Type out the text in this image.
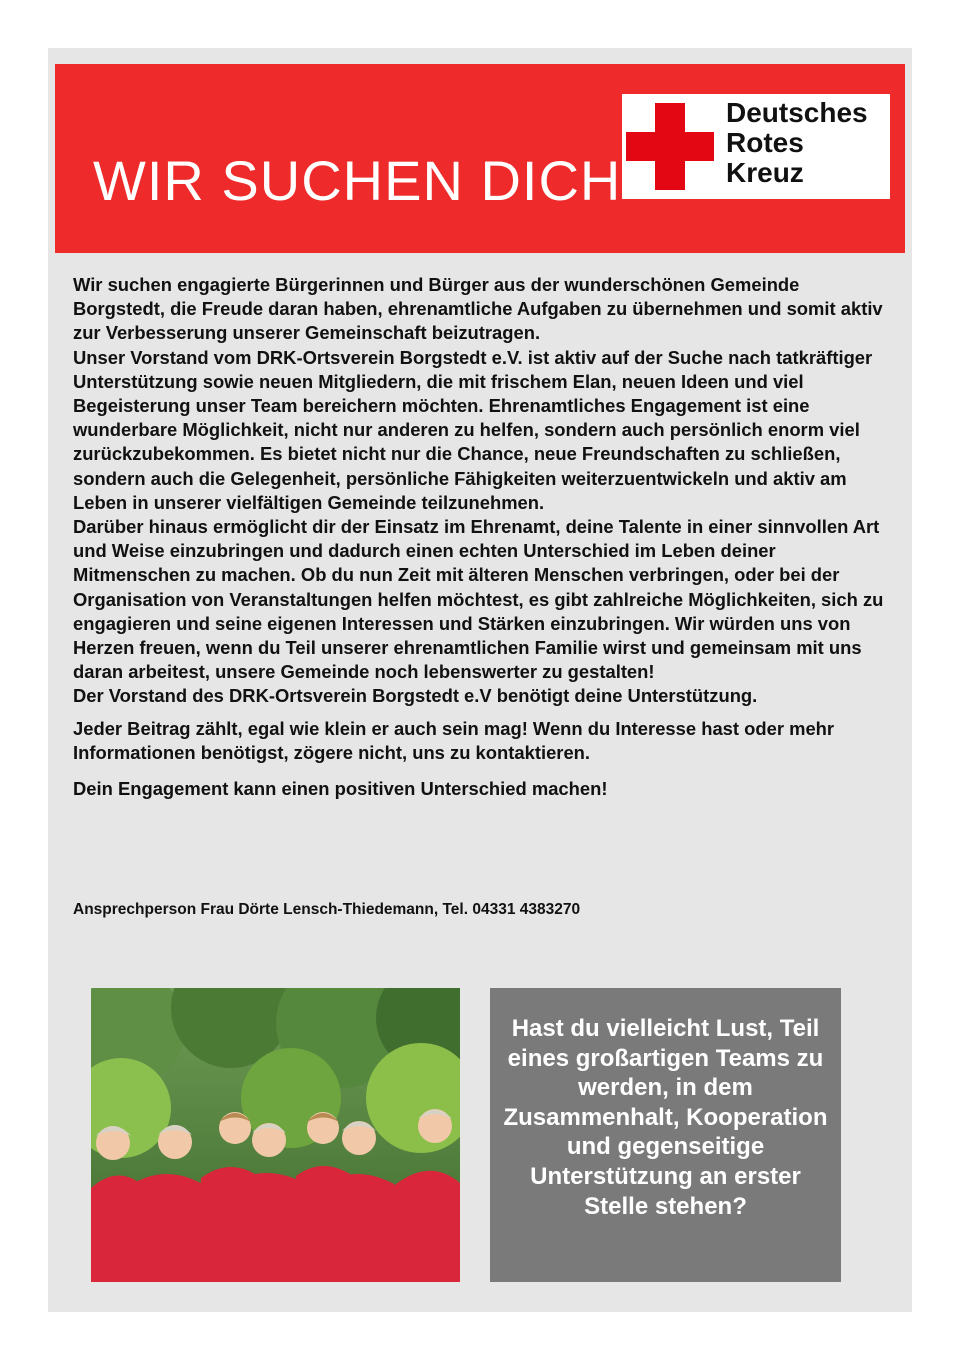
WIR SUCHEN DICH
Deutsches
Rotes
Kreuz

Wir suchen engagierte Bürgerinnen und Bürger aus der wunderschönen Gemeinde Borgstedt, die Freude daran haben, ehrenamtliche Aufgaben zu übernehmen und somit aktiv zur Verbesserung unserer Gemeinschaft beizutragen.

Unser Vorstand vom DRK-Ortsverein Borgstedt e.V. ist aktiv auf der Suche nach tatkräftiger Unterstützung sowie neuen Mitgliedern, die mit frischem Elan, neuen Ideen und viel Begeisterung unser Team bereichern möchten. Ehrenamtliches Engagement ist eine wunderbare Möglichkeit, nicht nur anderen zu helfen, sondern auch persönlich enorm viel zurückzubekommen. Es bietet nicht nur die Chance, neue Freundschaften zu schließen, sondern auch die Gelegenheit, persönliche Fähigkeiten weiterzuentwickeln und aktiv am Leben in unserer vielfältigen Gemeinde teilzunehmen.

Darüber hinaus ermöglicht dir der Einsatz im Ehrenamt, deine Talente in einer sinnvollen Art und Weise einzubringen und dadurch einen echten Unterschied im Leben deiner Mitmenschen zu machen. Ob du nun Zeit mit älteren Menschen verbringen, oder bei der Organisation von Veranstaltungen helfen möchtest, es gibt zahlreiche Möglichkeiten, sich zu engagieren und seine eigenen Interessen und Stärken einzubringen. Wir würden uns von Herzen freuen, wenn du Teil unserer ehrenamtlichen Familie wirst und gemeinsam mit uns daran arbeitest, unsere Gemeinde noch lebenswerter zu gestalten!

Der Vorstand des DRK-Ortsverein Borgstedt e.V benötigt deine Unterstützung.

Jeder Beitrag zählt, egal wie klein er auch sein mag! Wenn du Interesse hast oder mehr Informationen benötigst, zögere nicht, uns zu kontaktieren.

Dein Engagement kann einen positiven Unterschied machen!

Ansprechperson Frau Dörte Lensch-Thiedemann, Tel. 04331 4383270
Hast du vielleicht Lust, Teil eines großartigen Teams zu werden, in dem Zusammenhalt, Kooperation und gegenseitige Unterstützung an erster Stelle stehen?
